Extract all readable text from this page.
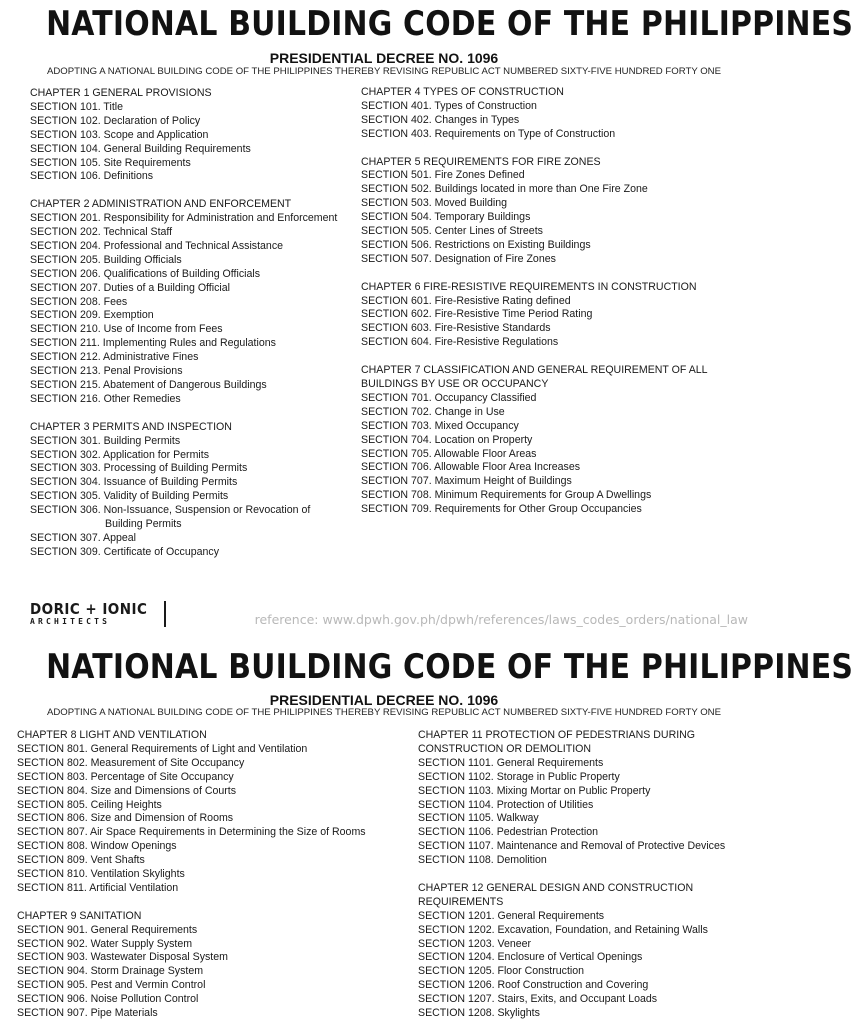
NATIONAL BUILDING CODE OF THE PHILIPPINES
PRESIDENTIAL DECREE NO. 1096
ADOPTING A NATIONAL BUILDING CODE OF THE PHILIPPINES THEREBY REVISING REPUBLIC ACT NUMBERED SIXTY-FIVE HUNDRED FORTY ONE
CHAPTER 1 GENERAL PROVISIONS
SECTION 101. Title
SECTION 102. Declaration of Policy
SECTION 103. Scope and Application
SECTION 104. General Building Requirements
SECTION 105. Site Requirements
SECTION 106. Definitions
CHAPTER 2 ADMINISTRATION AND ENFORCEMENT
SECTION 201. Responsibility for Administration and Enforcement
SECTION 202. Technical Staff
SECTION 204. Professional and Technical Assistance
SECTION 205. Building Officials
SECTION 206. Qualifications of Building Officials
SECTION 207. Duties of a Building Official
SECTION 208. Fees
SECTION 209. Exemption
SECTION 210. Use of Income from Fees
SECTION 211. Implementing Rules and Regulations
SECTION 212. Administrative Fines
SECTION 213. Penal Provisions
SECTION 215. Abatement of Dangerous Buildings
SECTION 216. Other Remedies
CHAPTER 3 PERMITS AND INSPECTION
SECTION 301. Building Permits
SECTION 302. Application for Permits
SECTION 303. Processing of Building Permits
SECTION 304. Issuance of Building Permits
SECTION 305. Validity of Building Permits
SECTION 306. Non-Issuance, Suspension or Revocation of Building Permits
SECTION 307. Appeal
SECTION 309. Certificate of Occupancy
CHAPTER 4 TYPES OF CONSTRUCTION
SECTION 401. Types of Construction
SECTION 402. Changes in Types
SECTION 403. Requirements on Type of Construction
CHAPTER 5 REQUIREMENTS FOR FIRE ZONES
SECTION 501. Fire Zones Defined
SECTION 502. Buildings located in more than One Fire Zone
SECTION 503. Moved Building
SECTION 504. Temporary Buildings
SECTION 505. Center Lines of Streets
SECTION 506. Restrictions on Existing Buildings
SECTION 507. Designation of Fire Zones
CHAPTER 6 FIRE-RESISTIVE REQUIREMENTS IN CONSTRUCTION
SECTION 601. Fire-Resistive Rating defined
SECTION 602. Fire-Resistive Time Period Rating
SECTION 603. Fire-Resistive Standards
SECTION 604. Fire-Resistive Regulations
CHAPTER 7 CLASSIFICATION AND GENERAL REQUIREMENT OF ALL BUILDINGS BY USE OR OCCUPANCY
SECTION 701. Occupancy Classified
SECTION 702. Change in Use
SECTION 703. Mixed Occupancy
SECTION 704. Location on Property
SECTION 705. Allowable Floor Areas
SECTION 706. Allowable Floor Area Increases
SECTION 707. Maximum Height of Buildings
SECTION 708. Minimum Requirements for Group A Dwellings
SECTION 709. Requirements for Other Group Occupancies
DORIC + IONIC
ARCHITECTS	reference: www.dpwh.gov.ph/dpwh/references/laws_codes_orders/national_law
NATIONAL BUILDING CODE OF THE PHILIPPINES
PRESIDENTIAL DECREE NO. 1096
ADOPTING A NATIONAL BUILDING CODE OF THE PHILIPPINES THEREBY REVISING REPUBLIC ACT NUMBERED SIXTY-FIVE HUNDRED FORTY ONE
CHAPTER 8 LIGHT AND VENTILATION
SECTION 801. General Requirements of Light and Ventilation
SECTION 802. Measurement of Site Occupancy
SECTION 803. Percentage of Site Occupancy
SECTION 804. Size and Dimensions of Courts
SECTION 805. Ceiling Heights
SECTION 806. Size and Dimension of Rooms
SECTION 807. Air Space Requirements in Determining the Size of Rooms
SECTION 808. Window Openings
SECTION 809. Vent Shafts
SECTION 810. Ventilation Skylights
SECTION 811. Artificial Ventilation
CHAPTER 9 SANITATION
SECTION 901. General Requirements
SECTION 902. Water Supply System
SECTION 903. Wastewater Disposal System
SECTION 904. Storm Drainage System
SECTION 905. Pest and Vermin Control
SECTION 906. Noise Pollution Control
SECTION 907. Pipe Materials
CHAPTER 11 PROTECTION OF PEDESTRIANS DURING CONSTRUCTION OR DEMOLITION
SECTION 1101. General Requirements
SECTION 1102. Storage in Public Property
SECTION 1103. Mixing Mortar on Public Property
SECTION 1104. Protection of Utilities
SECTION 1105. Walkway
SECTION 1106. Pedestrian Protection
SECTION 1107. Maintenance and Removal of Protective Devices
SECTION 1108. Demolition
CHAPTER 12 GENERAL DESIGN AND CONSTRUCTION REQUIREMENTS
SECTION 1201. General Requirements
SECTION 1202. Excavation, Foundation, and Retaining Walls
SECTION 1203. Veneer
SECTION 1204. Enclosure of Vertical Openings
SECTION 1205. Floor Construction
SECTION 1206. Roof Construction and Covering
SECTION 1207. Stairs, Exits, and Occupant Loads
SECTION 1208. Skylights
